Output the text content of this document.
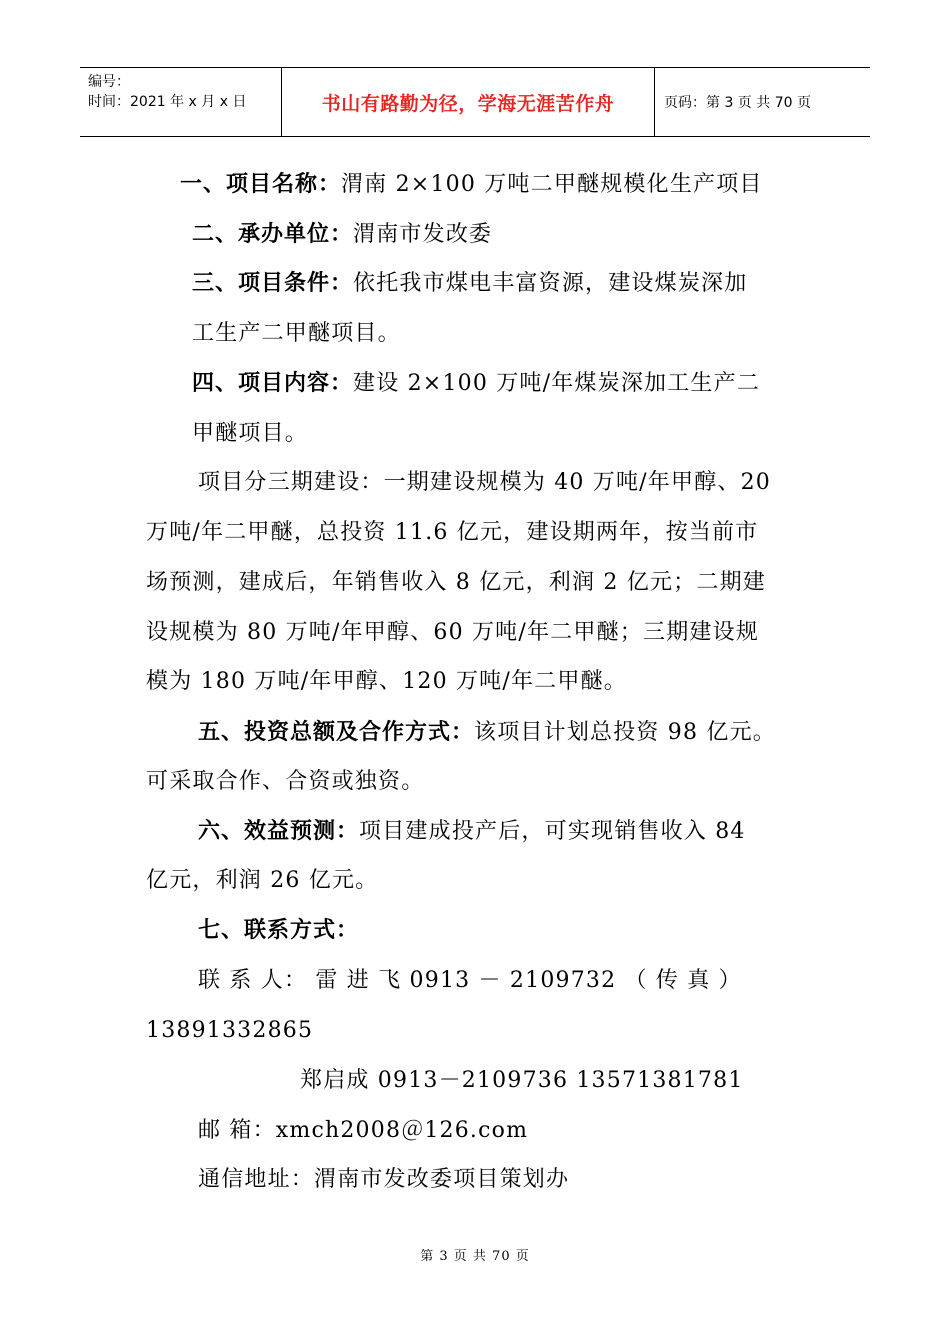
编号：
时间：2021 年 x 月 x 日	书山有路勤为径，学海无涯苦作舟	页码：第 3 页 共 70 页
一、项目名称：渭南 2×100 万吨二甲醚规模化生产项目
二、承办单位：渭南市发改委
三、项目条件：依托我市煤电丰富资源，建设煤炭深加
工生产二甲醚项目。
四、项目内容：建设 2×100 万吨/年煤炭深加工生产二
甲醚项目。
项目分三期建设：一期建设规模为 40 万吨/年甲醇、20
万吨/年二甲醚，总投资 11.6 亿元，建设期两年，按当前市
场预测，建成后，年销售收入 8 亿元，利润 2 亿元；二期建
设规模为 80 万吨/年甲醇、60 万吨/年二甲醚；三期建设规
模为 180 万吨/年甲醇、120 万吨/年二甲醚。
五、投资总额及合作方式：该项目计划总投资 98 亿元。
可采取合作、合资或独资。
六、效益预测：项目建成投产后，可实现销售收入 84
亿元，利润 26 亿元。
七、联系方式：
联 系 人： 雷 进 飞 0913 － 2109732 （ 传 真 ）
13891332865
郑启成 0913－2109736 13571381781
邮 箱：xmch2008＠126.com
通信地址：渭南市发改委项目策划办
第 3 页 共 70 页
